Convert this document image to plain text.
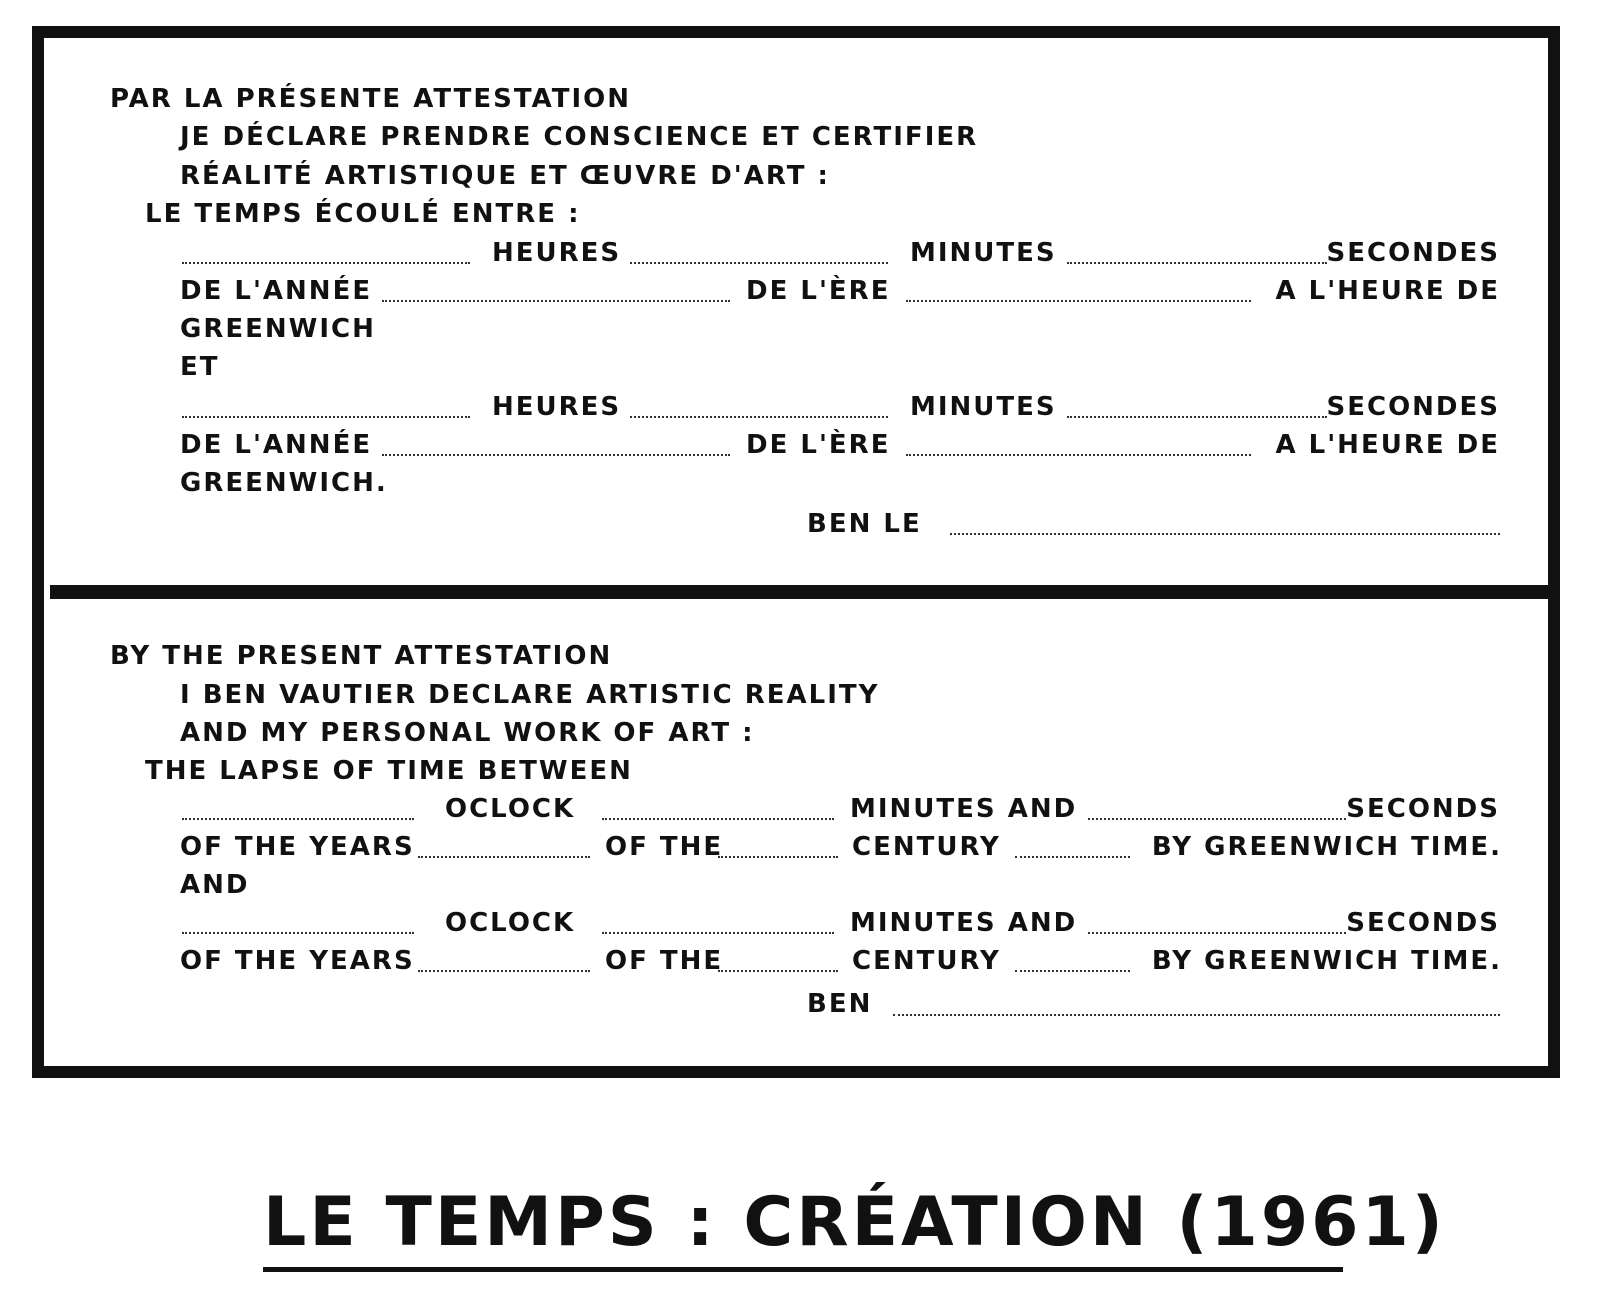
PAR LA PRÉSENTE ATTESTATION
JE DÉCLARE PRENDRE CONSCIENCE ET CERTIFIER
RÉALITÉ ARTISTIQUE ET ŒUVRE D'ART :
LE TEMPS ÉCOULÉ ENTRE :
HEURES	MINUTES	SECONDES
DE L'ANNÉE	DE L'ÈRE	A L'HEURE DE
GREENWICH
ET
HEURES	MINUTES	SECONDES
DE L'ANNÉE	DE L'ÈRE	A L'HEURE DE
GREENWICH.
BEN LE
BY THE PRESENT ATTESTATION
I BEN VAUTIER DECLARE ARTISTIC REALITY
AND MY PERSONAL WORK OF ART :
THE LAPSE OF TIME BETWEEN
OCLOCK	MINUTES AND	SECONDS
OF THE YEARS	OF THE	CENTURY	BY GREENWICH TIME.
AND
OCLOCK	MINUTES AND	SECONDS
OF THE YEARS	OF THE	CENTURY	BY GREENWICH TIME.
BEN
LE TEMPS : CRÉATION (1961)
